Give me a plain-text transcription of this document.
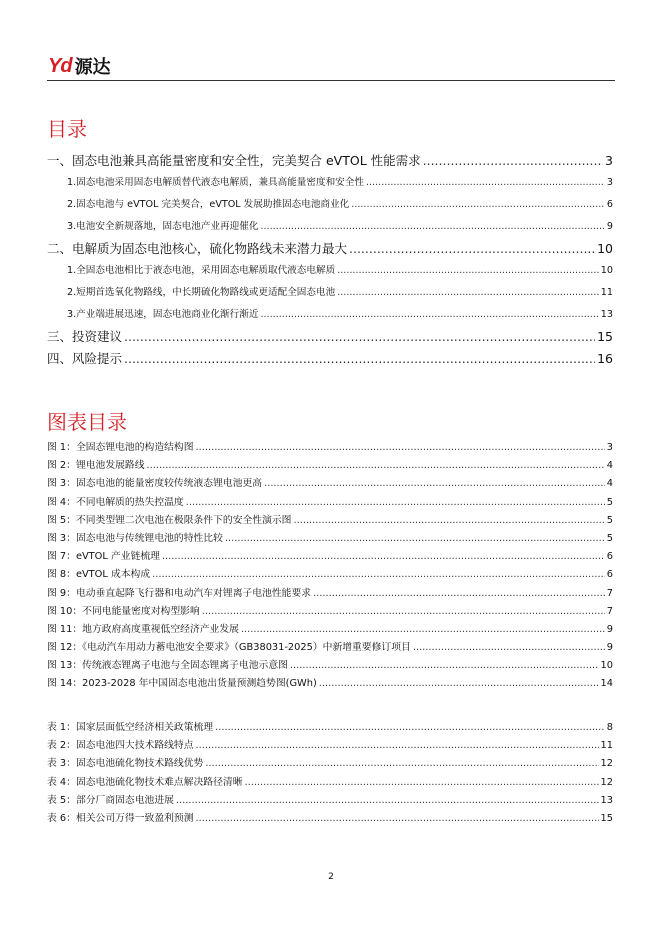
Yd 源达
目录
一、固态电池兼具高能量密度和安全性，完美契合 eVTOL 性能需求 .....	3
1.固态电池采用固态电解质替代液态电解质，兼具高能量密度和安全性 .....	3
2.固态电池与 eVTOL 完美契合，eVTOL 发展助推固态电池商业化 .....	6
3.电池安全新规落地，固态电池产业再迎催化 .....	9
二、电解质为固态电池核心，硫化物路线未来潜力最大 .....	10
1.全固态电池相比于液态电池，采用固态电解质取代液态电解质 .....	10
2.短期首选氧化物路线，中长期硫化物路线或更适配全固态电池 .....	11
3.产业端进展迅速，固态电池商业化渐行渐近 .....	13
三、投资建议 .....	15
四、风险提示 .....	16
图表目录
图 1：全固态锂电池的构造结构图 .....	3
图 2：锂电池发展路线 .....	4
图 3：固态电池的能量密度较传统液态锂电池更高 .....	4
图 4：不同电解质的热失控温度 .....	5
图 5：不同类型锂二次电池在极限条件下的安全性演示图 .....	5
图 3：固态电池与传统锂电池的特性比较 .....	5
图 7：eVTOL 产业链梳理 .....	6
图 8：eVTOL 成本构成 .....	6
图 9：电动垂直起降飞行器和电动汽车对锂离子电池性能要求 .....	7
图 10：不同电能量密度对构型影响 .....	7
图 11：地方政府高度重视低空经济产业发展 .....	9
图 12：《电动汽车用动力蓄电池安全要求》（GB38031-2025）中新增重要修订项目 .....	9
图 13：传统液态锂离子电池与全固态锂离子电池示意图 .....	10
图 14：2023-2028 年中国固态电池出货量预测趋势图(GWh) .....	14
表 1：国家层面低空经济相关政策梳理 .....	8
表 2：固态电池四大技术路线特点 .....	11
表 3：固态电池硫化物技术路线优势 .....	12
表 4：固态电池硫化物技术难点解决路径清晰 .....	12
表 5：部分厂商固态电池进展 .....	13
表 6：相关公司万得一致盈利预测 .....	15
2
